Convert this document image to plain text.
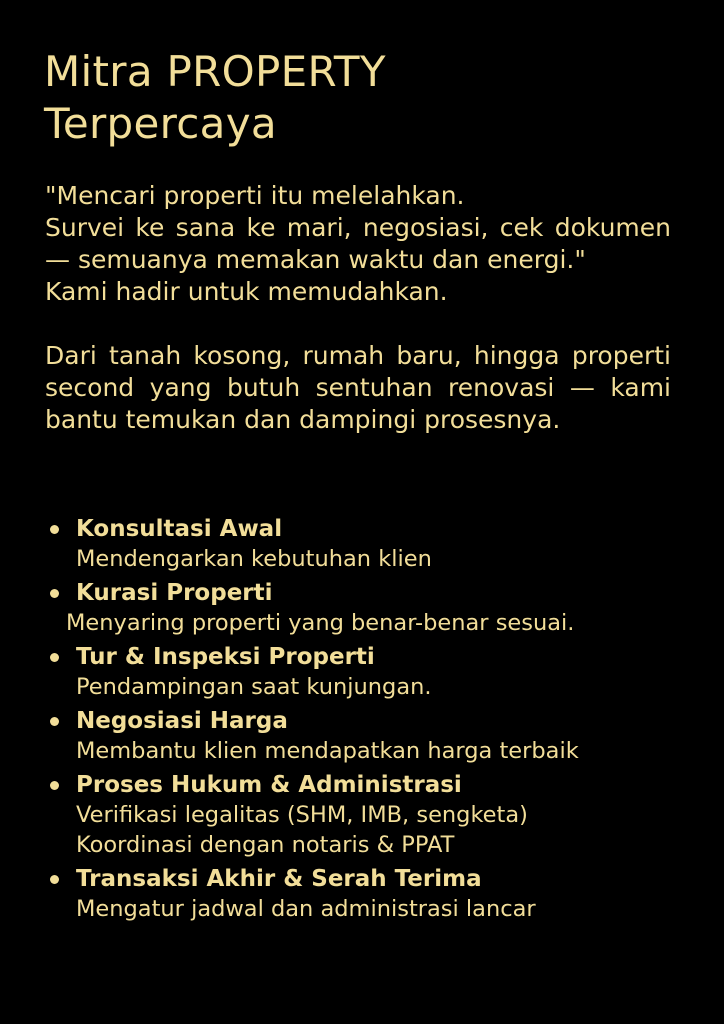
Mitra PROPERTY
Terpercaya

"Mencari properti itu melelahkan.

Survei ke sana ke mari, negosiasi, cek dokumen — semuanya memakan waktu dan energi."

Kami hadir untuk memudahkan.

Dari tanah kosong, rumah baru, hingga properti second yang butuh sentuhan renovasi — kami bantu temukan dan dampingi prosesnya.

Konsultasi Awal
Mendengarkan kebutuhan klien
Kurasi Properti
Menyaring properti yang benar-benar sesuai.
Tur & Inspeksi Properti
Pendampingan saat kunjungan.
Negosiasi Harga
Membantu klien mendapatkan harga terbaik
Proses Hukum & Administrasi
Verifikasi legalitas (SHM, IMB, sengketa)
Koordinasi dengan notaris & PPAT
Transaksi Akhir & Serah Terima
Mengatur jadwal dan administrasi lancar
